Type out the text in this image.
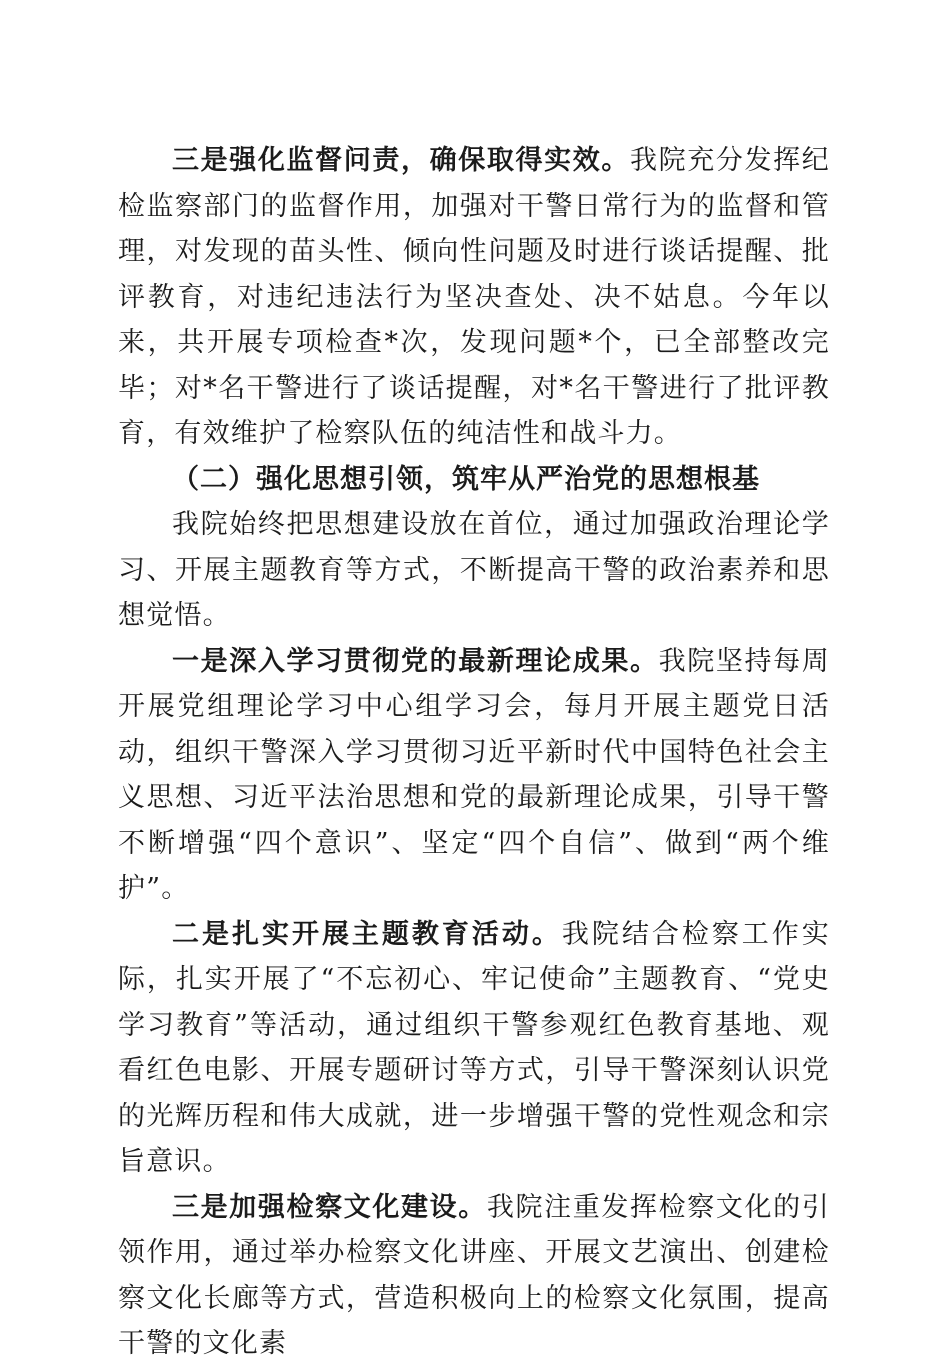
三是强化监督问责，确保取得实效。我院充分发挥纪检监察部门的监督作用，加强对干警日常行为的监督和管理，对发现的苗头性、倾向性问题及时进行谈话提醒、批评教育，对违纪违法行为坚决查处、决不姑息。今年以来，共开展专项检查*次，发现问题*个，已全部整改完毕；对*名干警进行了谈话提醒，对*名干警进行了批评教育，有效维护了检察队伍的纯洁性和战斗力。

（二）强化思想引领，筑牢从严治党的思想根基

我院始终把思想建设放在首位，通过加强政治理论学习、开展主题教育等方式，不断提高干警的政治素养和思想觉悟。

一是深入学习贯彻党的最新理论成果。我院坚持每周开展党组理论学习中心组学习会，每月开展主题党日活动，组织干警深入学习贯彻习近平新时代中国特色社会主义思想、习近平法治思想和党的最新理论成果，引导干警不断增强“四个意识”、坚定“四个自信”、做到“两个维护”。

二是扎实开展主题教育活动。我院结合检察工作实际，扎实开展了“不忘初心、牢记使命”主题教育、“党史学习教育”等活动，通过组织干警参观红色教育基地、观看红色电影、开展专题研讨等方式，引导干警深刻认识党的光辉历程和伟大成就，进一步增强干警的党性观念和宗旨意识。

三是加强检察文化建设。我院注重发挥检察文化的引领作用，通过举办检察文化讲座、开展文艺演出、创建检察文化长廊等方式，营造积极向上的检察文化氛围，提高干警的文化素
